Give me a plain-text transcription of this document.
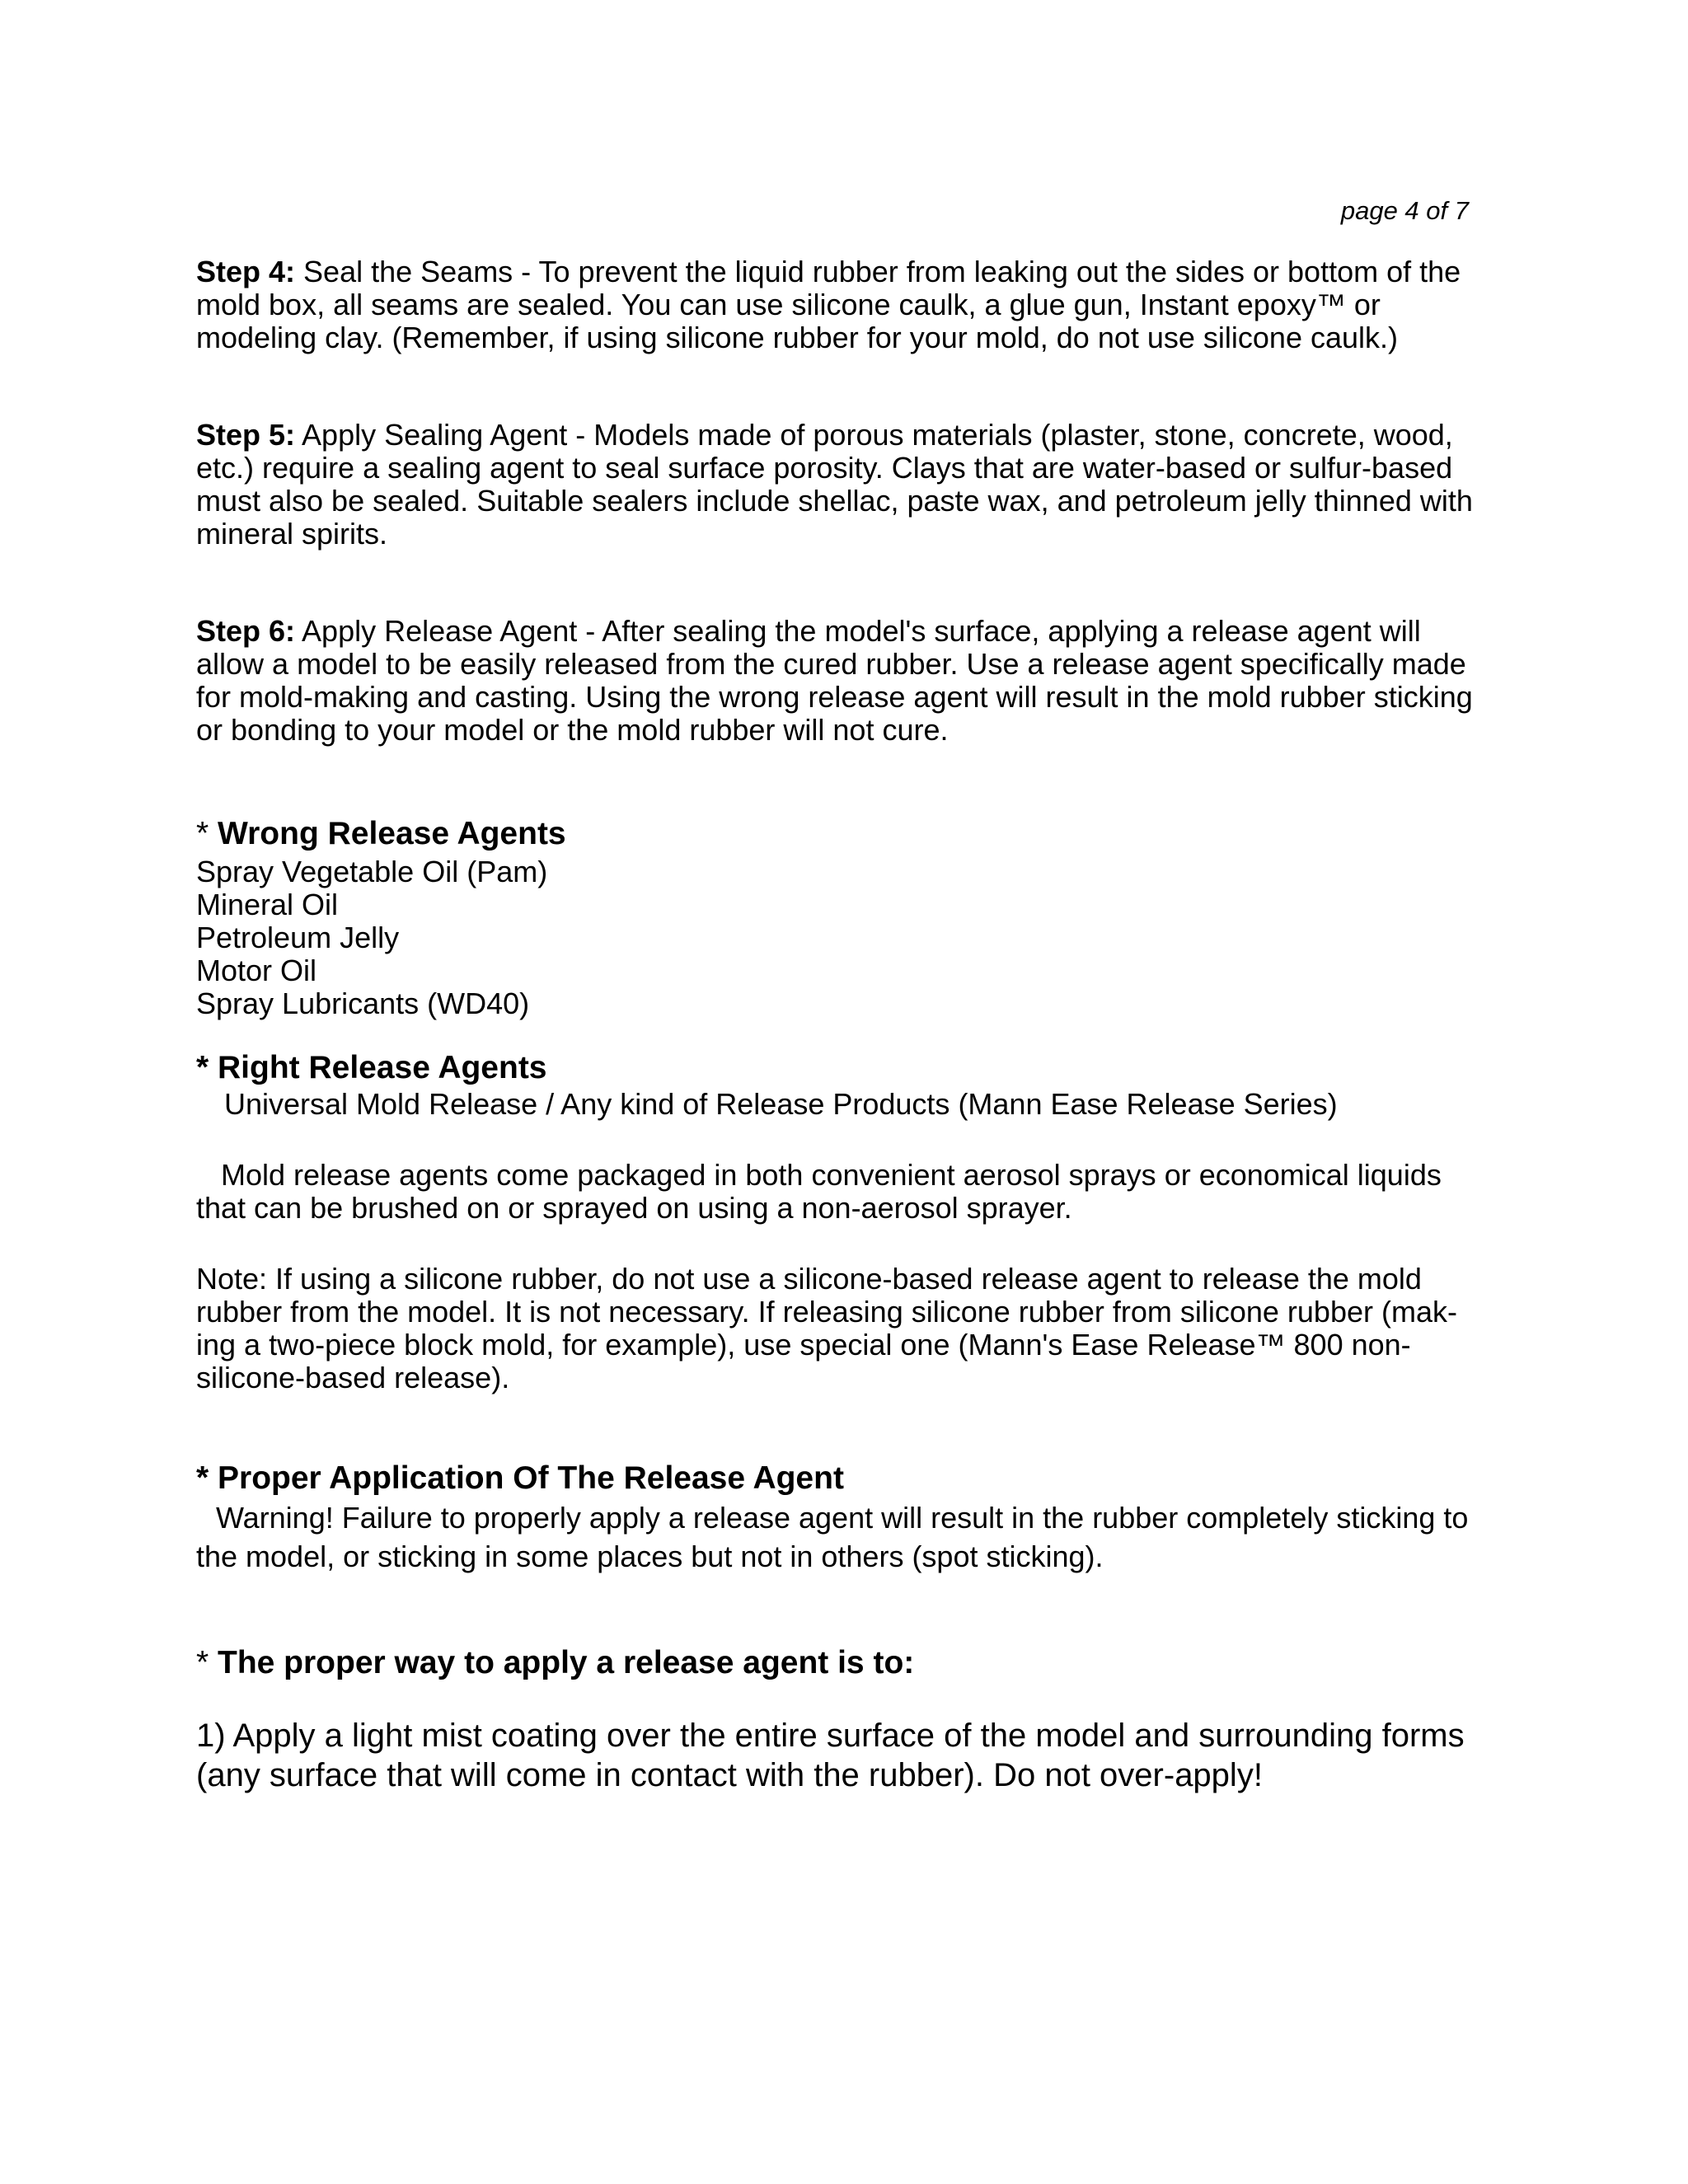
page 4 of 7

Step 4: Seal the Seams - To prevent the liquid rubber from leaking out the sides or bottom of the mold box, all seams are sealed. You can use silicone caulk, a glue gun, Instant epoxy™ or modeling clay. (Remember, if using silicone rubber for your mold, do not use silicone caulk.)

Step 5: Apply Sealing Agent - Models made of porous materials (plaster, stone, concrete, wood, etc.) require a sealing agent to seal surface porosity. Clays that are water-based or sulfur-based must also be sealed. Suitable sealers include shellac, paste wax, and petroleum jelly thinned with mineral spirits.

Step 6: Apply Release Agent - After sealing the model's surface, applying a release agent will allow a model to be easily released from the cured rubber. Use a release agent specifically made for mold-making and casting. Using the wrong release agent will result in the mold rubber sticking or bonding to your model or the mold rubber will not cure.

* Wrong Release Agents

Spray Vegetable Oil (Pam)
Mineral Oil
Petroleum Jelly
Motor Oil
Spray Lubricants (WD40)

* Right Release Agents

Universal Mold Release / Any kind of Release Products (Mann Ease Release Series)

Mold release agents come packaged in both convenient aerosol sprays or economical liquids that can be brushed on or sprayed on using a non-aerosol sprayer.

Note: If using a silicone rubber, do not use a silicone-based release agent to release the mold rubber from the model. It is not necessary. If releasing silicone rubber from silicone rubber (mak-ing a two-piece block mold, for example), use special one (Mann's Ease Release™ 800 non-silicone-based release).

* Proper Application Of The Release Agent

Warning! Failure to properly apply a release agent will result in the rubber completely sticking to the model, or sticking in some places but not in others (spot sticking).

* The proper way to apply a release agent is to:

1) Apply a light mist coating over the entire surface of the model and surrounding forms (any surface that will come in contact with the rubber). Do not over-apply!
